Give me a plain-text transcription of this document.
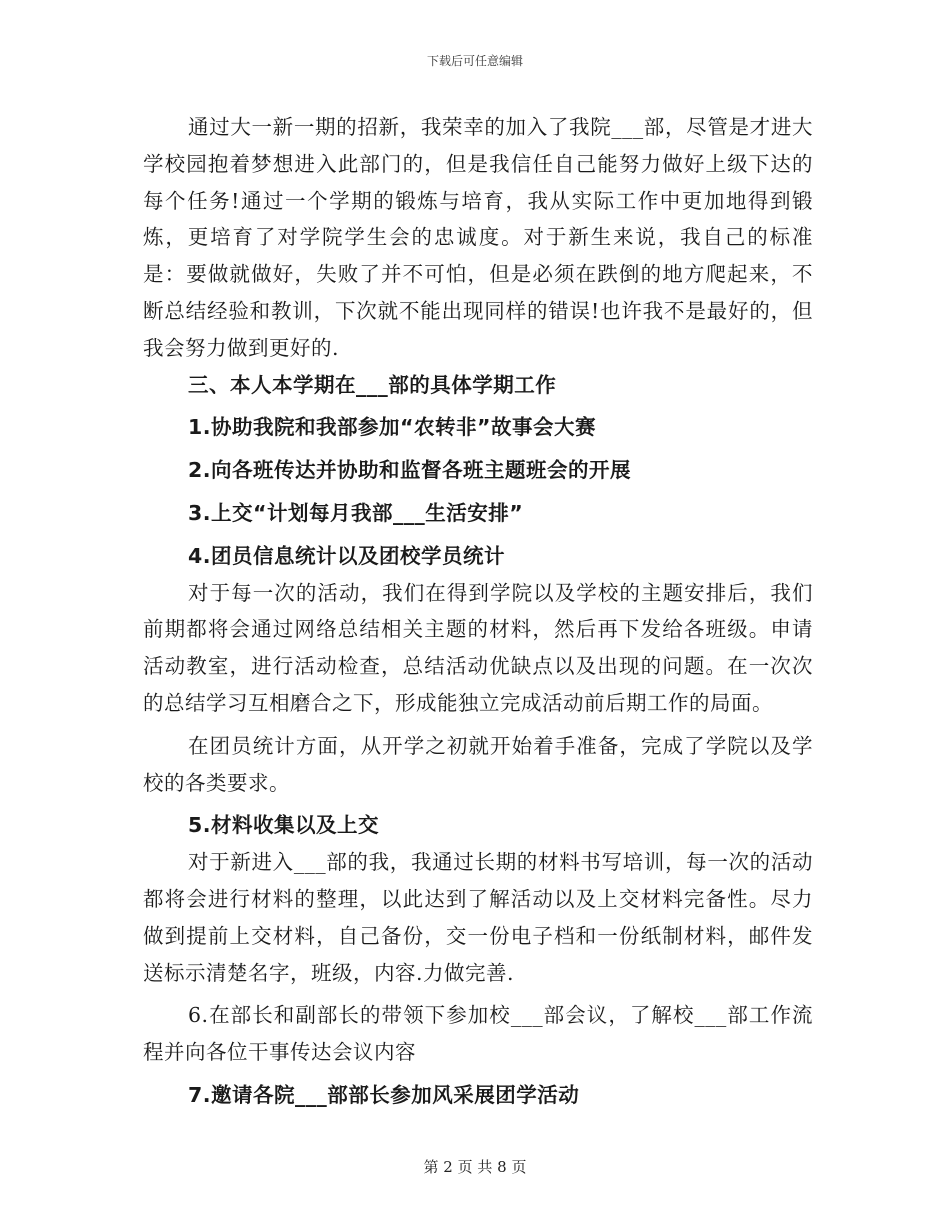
下载后可任意编辑

通过大一新一期的招新，我荣幸的加入了我院___部，尽管是才进大学校园抱着梦想进入此部门的，但是我信任自己能努力做好上级下达的每个任务!通过一个学期的锻炼与培育，我从实际工作中更加地得到锻炼，更培育了对学院学生会的忠诚度。对于新生来说，我自己的标准是：要做就做好，失败了并不可怕，但是必须在跌倒的地方爬起来，不断总结经验和教训，下次就不能出现同样的错误!也许我不是最好的，但我会努力做到更好的.

三、本人本学期在___部的具体学期工作

1.协助我院和我部参加“农转非”故事会大赛

2.向各班传达并协助和监督各班主题班会的开展

3.上交“计划每月我部___生活安排”

4.团员信息统计以及团校学员统计

对于每一次的活动，我们在得到学院以及学校的主题安排后，我们前期都将会通过网络总结相关主题的材料，然后再下发给各班级。申请活动教室，进行活动检查，总结活动优缺点以及出现的问题。在一次次的总结学习互相磨合之下，形成能独立完成活动前后期工作的局面。

在团员统计方面，从开学之初就开始着手准备，完成了学院以及学校的各类要求。

5.材料收集以及上交

对于新进入___部的我，我通过长期的材料书写培训，每一次的活动都将会进行材料的整理，以此达到了解活动以及上交材料完备性。尽力做到提前上交材料，自己备份，交一份电子档和一份纸制材料，邮件发送标示清楚名字，班级，内容.力做完善.

6.在部长和副部长的带领下参加校___部会议，了解校___部工作流程并向各位干事传达会议内容

7.邀请各院___部部长参加风采展团学活动

第 2 页 共 8 页
